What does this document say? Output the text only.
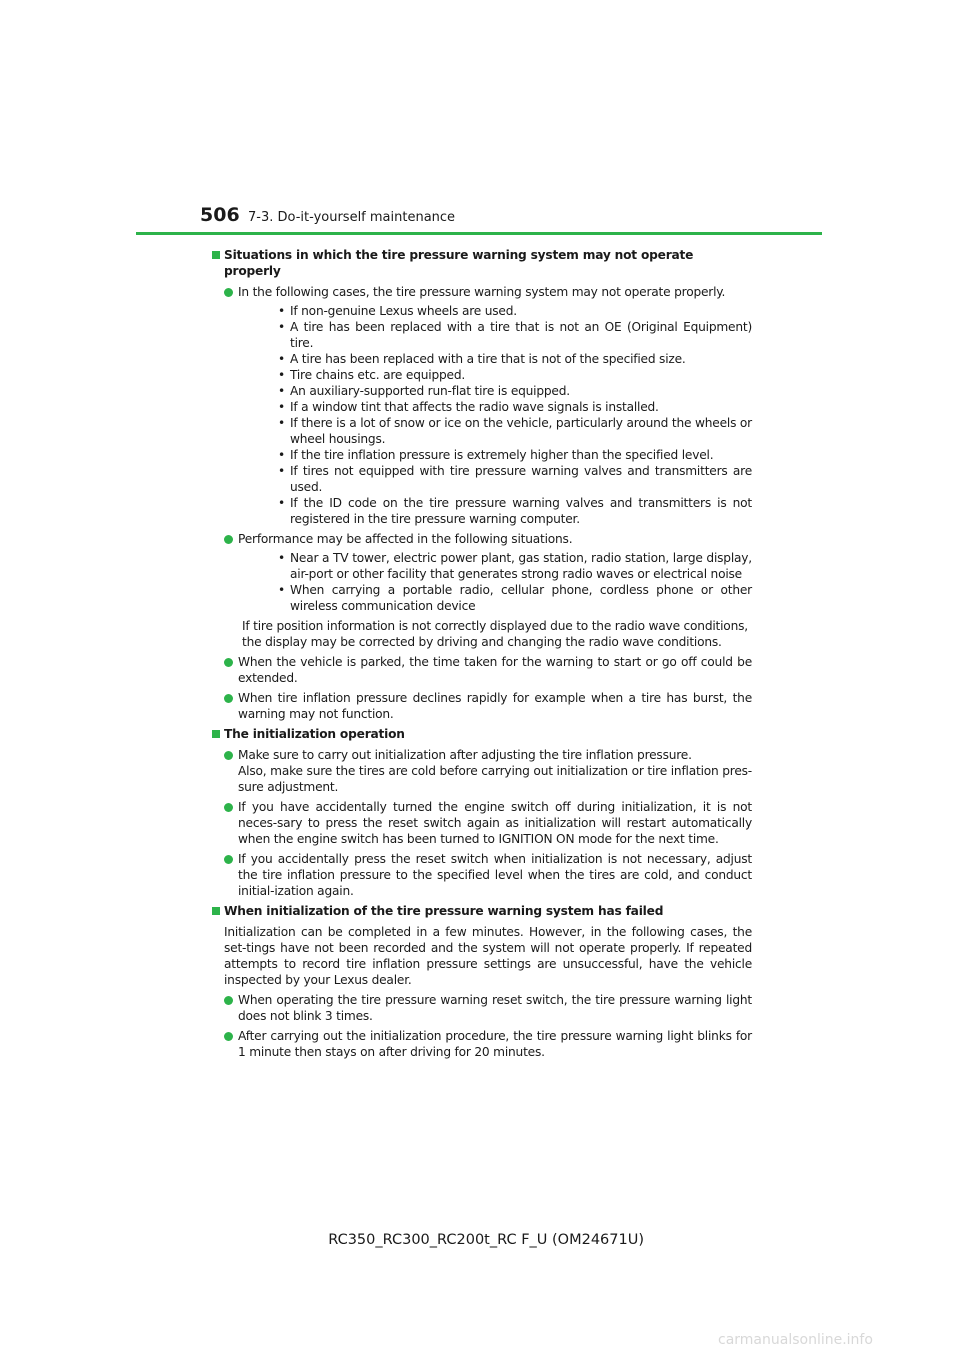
506 7-3. Do-it-yourself maintenance
Situations in which the tire pressure warning system may not operate properly
In the following cases, the tire pressure warning system may not operate properly.
• If non-genuine Lexus wheels are used.
• A tire has been replaced with a tire that is not an OE (Original Equipment) tire.
• A tire has been replaced with a tire that is not of the specified size.
• Tire chains etc. are equipped.
• An auxiliary-supported run-flat tire is equipped.
• If a window tint that affects the radio wave signals is installed.
• If there is a lot of snow or ice on the vehicle, particularly around the wheels or wheel housings.
• If the tire inflation pressure is extremely higher than the specified level.
• If tires not equipped with tire pressure warning valves and transmitters are used.
• If the ID code on the tire pressure warning valves and transmitters is not registered in the tire pressure warning computer.
Performance may be affected in the following situations.
• Near a TV tower, electric power plant, gas station, radio station, large display, air-port or other facility that generates strong radio waves or electrical noise
• When carrying a portable radio, cellular phone, cordless phone or other wireless communication device
If tire position information is not correctly displayed due to the radio wave conditions, the display may be corrected by driving and changing the radio wave conditions.
When the vehicle is parked, the time taken for the warning to start or go off could be extended.
When tire inflation pressure declines rapidly for example when a tire has burst, the warning may not function.
The initialization operation
Make sure to carry out initialization after adjusting the tire inflation pressure.
Also, make sure the tires are cold before carrying out initialization or tire inflation pres-sure adjustment.
If you have accidentally turned the engine switch off during initialization, it is not neces-sary to press the reset switch again as initialization will restart automatically when the engine switch has been turned to IGNITION ON mode for the next time.
If you accidentally press the reset switch when initialization is not necessary, adjust the tire inflation pressure to the specified level when the tires are cold, and conduct initial-ization again.
When initialization of the tire pressure warning system has failed
Initialization can be completed in a few minutes. However, in the following cases, the set-tings have not been recorded and the system will not operate properly. If repeated attempts to record tire inflation pressure settings are unsuccessful, have the vehicle inspected by your Lexus dealer.
When operating the tire pressure warning reset switch, the tire pressure warning light does not blink 3 times.
After carrying out the initialization procedure, the tire pressure warning light blinks for 1 minute then stays on after driving for 20 minutes.
RC350_RC300_RC200t_RC F_U (OM24671U)
carmanualsonline.info
